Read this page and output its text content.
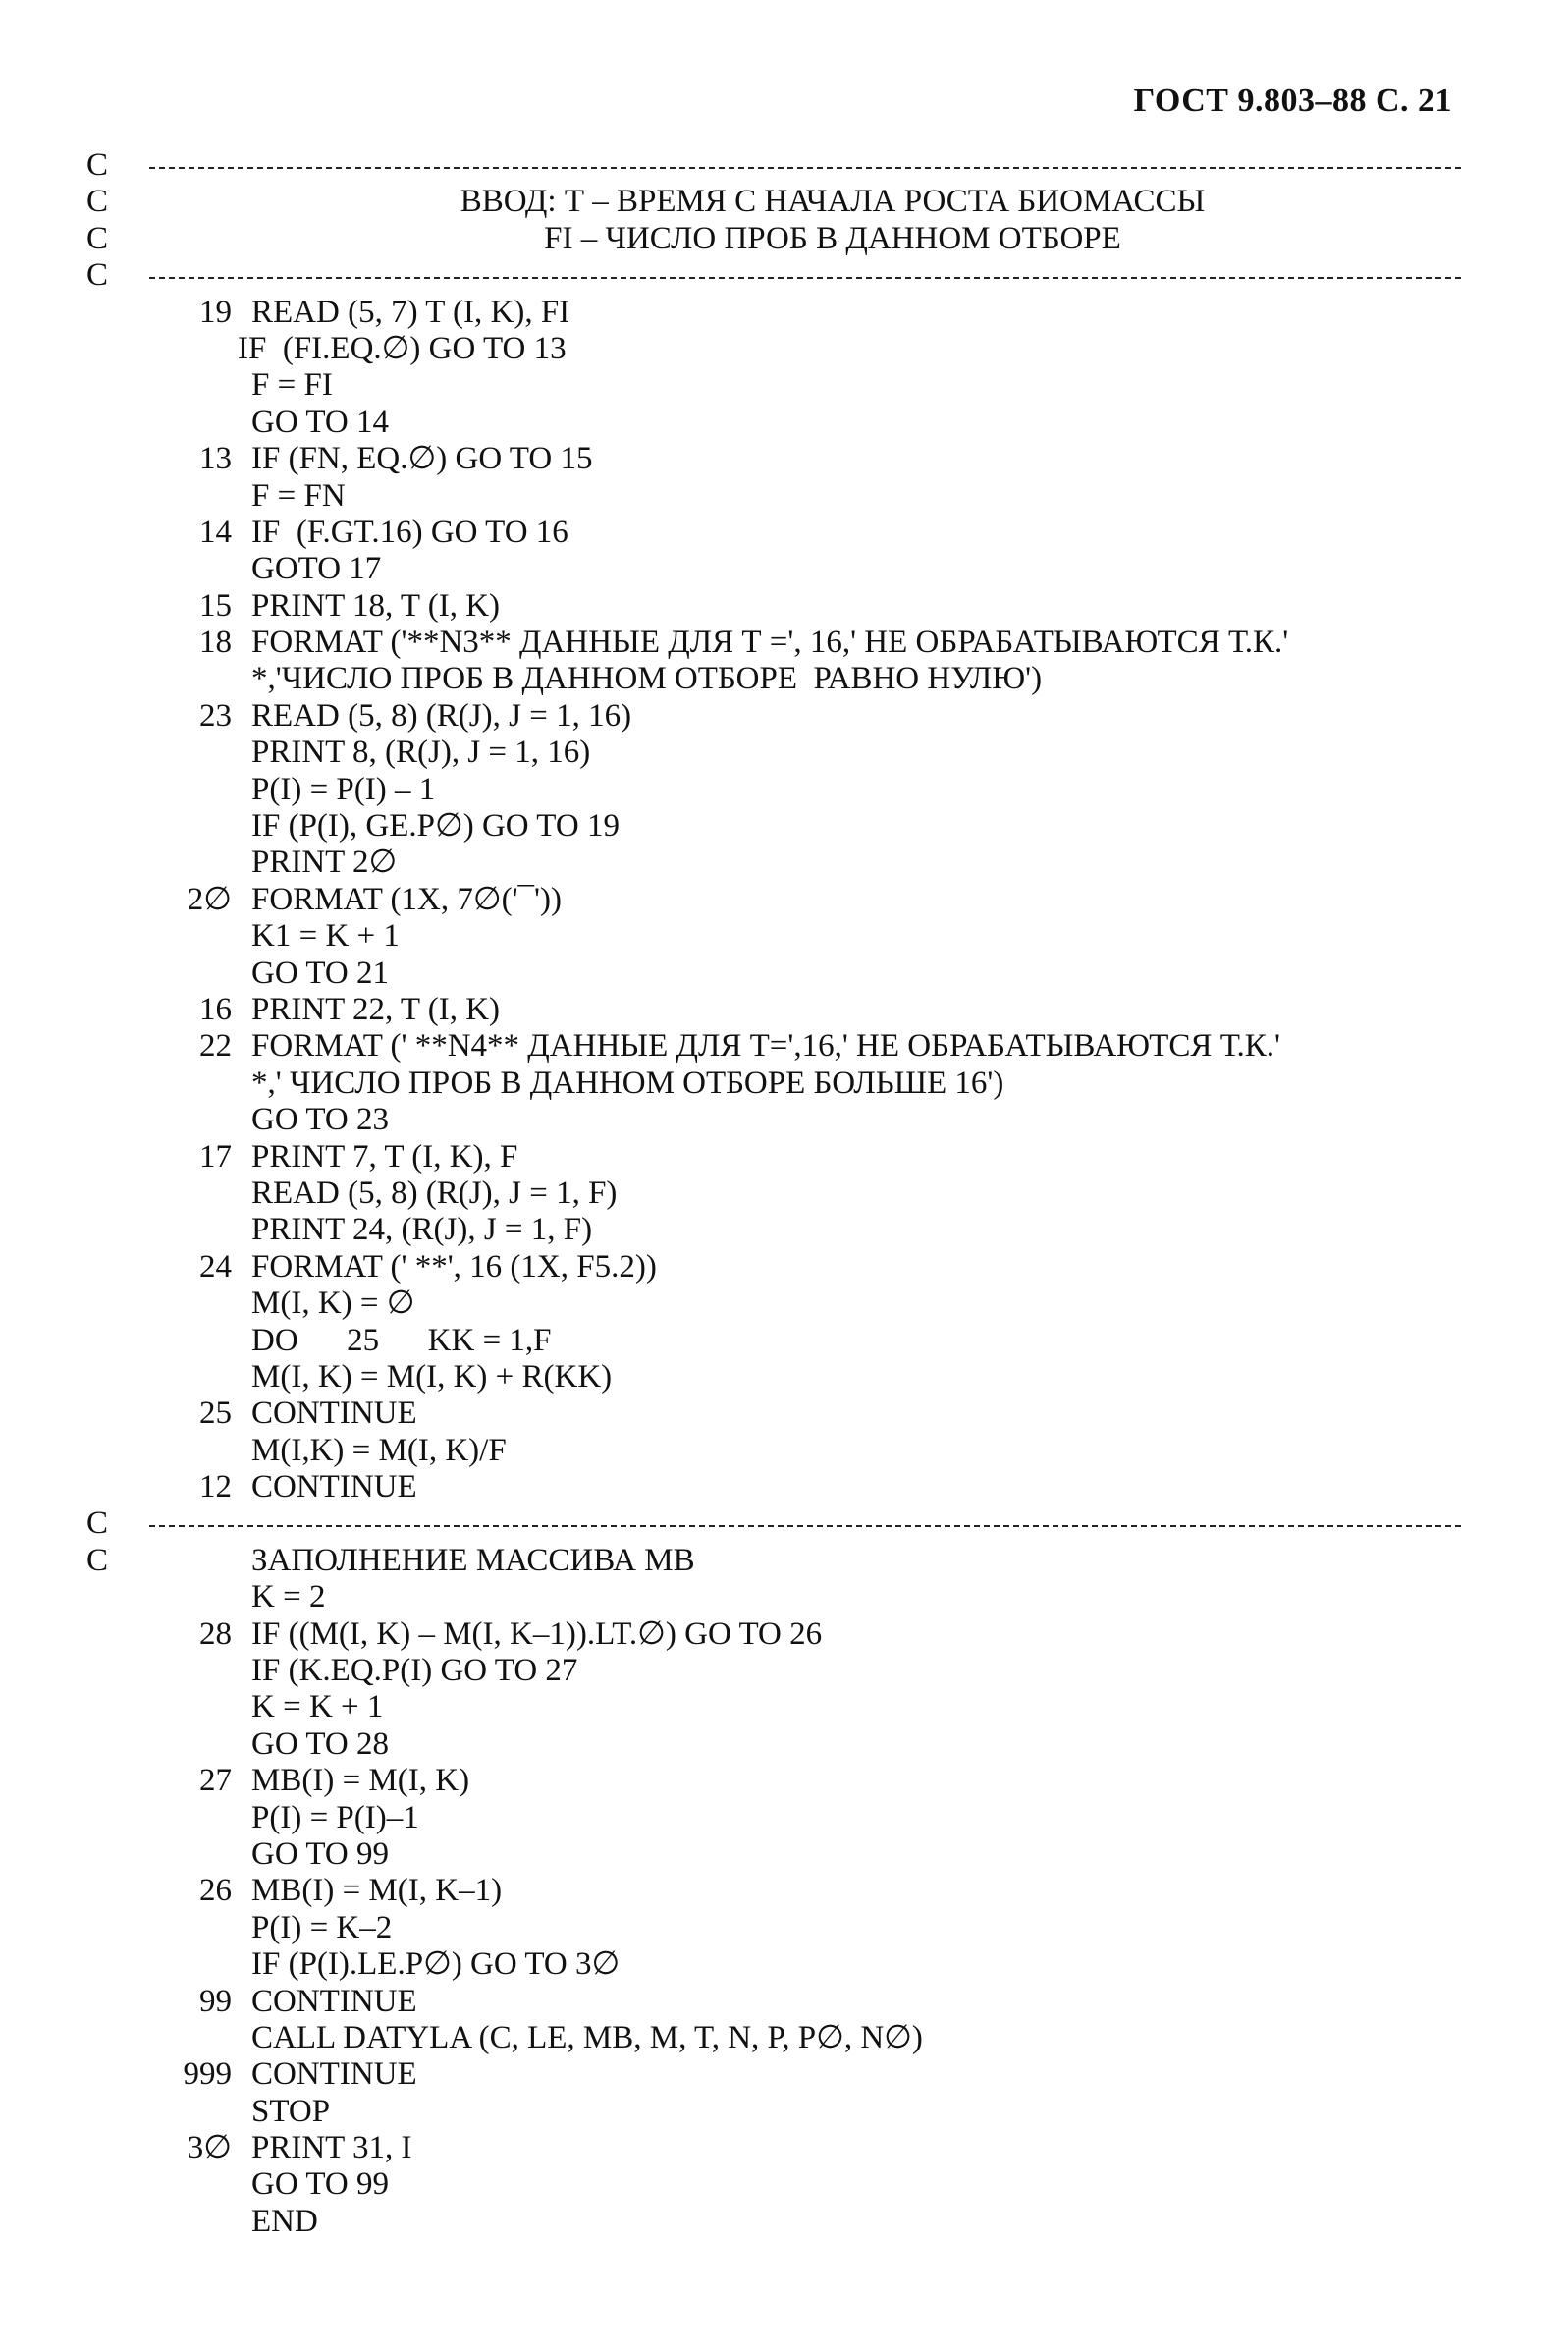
ГОСТ 9.803–88 С. 21
C
C	ВВОД: Т – ВРЕМЯ С НАЧАЛА РОСТА БИОМАССЫ
C	FI – ЧИСЛО ПРОБ В ДАННОМ ОТБОРЕ
C
19 READ (5, 7) T (I, K), FI
IF  (FI.EQ.∅) GO TO 13
F = FI
GO TO 14
13 IF (FN, EQ.∅) GO TO 15
F = FN
14 IF  (F.GT.16) GO TO 16
GOTO 17
15 PRINT 18, T (I, K)
18 FORMAT ('**N3** ДАННЫЕ ДЛЯ Т =', 16,' НЕ ОБРАБАТЫВАЮТСЯ Т.К.'
*,'ЧИСЛО ПРОБ В ДАННОМ ОТБОРЕ  РАВНО НУЛЮ')
23 READ (5, 8) (R(J), J = 1, 16)
PRINT 8, (R(J), J = 1, 16)
P(I) = P(I) – 1
IF (P(I), GE.P∅) GO TO 19
PRINT 2∅
2∅ FORMAT (1X, 7∅('¯'))
K1 = K + 1
GO TO 21
16 PRINT 22, T (I, K)
22 FORMAT (' **N4** ДАННЫЕ ДЛЯ Т=',16,' НЕ ОБРАБАТЫВАЮТСЯ Т.К.'
*,' ЧИСЛО ПРОБ В ДАННОМ ОТБОРЕ БОЛЬШЕ 16')
GO TO 23
17 PRINT 7, T (I, K), F
READ (5, 8) (R(J), J = 1, F)
PRINT 24, (R(J), J = 1, F)
24 FORMAT (' **', 16 (1X, F5.2))
M(I, K) = ∅
DO      25      KK = 1,F
M(I, K) = M(I, K) + R(KK)
25 CONTINUE
M(I,K) = M(I, K)/F
12 CONTINUE
C
C	ЗАПОЛНЕНИЕ МАССИВА МВ
K = 2
28 IF ((M(I, K) – M(I, K–1)).LT.∅) GO TO 26
IF (K.EQ.P(I) GO TO 27
K = K + 1
GO TO 28
27 MB(I) = M(I, K)
P(I) = P(I)–1
GO TO 99
26 MB(I) = M(I, K–1)
P(I) = K–2
IF (P(I).LE.P∅) GO TO 3∅
99 CONTINUE
CALL DATYLA (C, LE, MB, M, T, N, P, P∅, N∅)
999 CONTINUE
STOP
3∅ PRINT 31, I
GO TO 99
END
